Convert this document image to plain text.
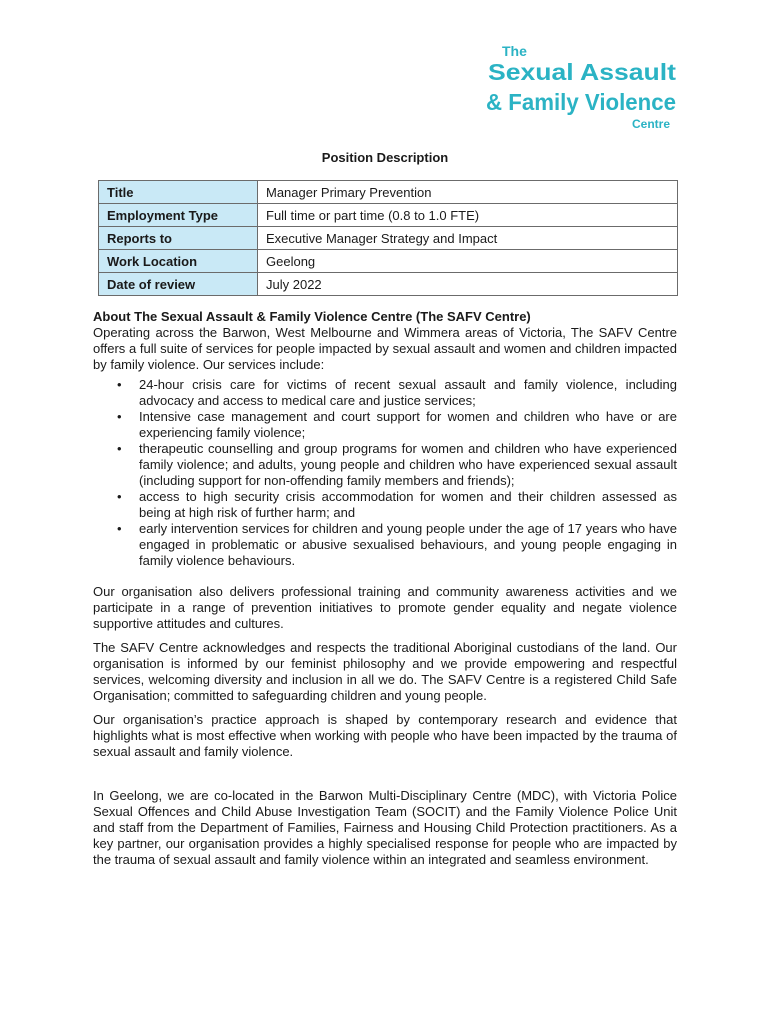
The
Sexual Assault
& Family Violence
Centre
Position Description
Title	Manager Primary Prevention
Employment Type	Full time or part time (0.8 to 1.0 FTE)
Reports to	Executive Manager Strategy and Impact
Work Location	Geelong
Date of review	July 2022
About The Sexual Assault & Family Violence Centre (The SAFV Centre)

Operating across the Barwon, West Melbourne and Wimmera areas of Victoria, The SAFV Centre offers a full suite of services for people impacted by sexual assault and women and children impacted by family violence. Our services include:

• 24-hour crisis care for victims of recent sexual assault and family violence, including advocacy and access to medical care and justice services;
• Intensive case management and court support for women and children who have or are experiencing family violence;
• therapeutic counselling and group programs for women and children who have experienced family violence; and adults, young people and children who have experienced sexual assault (including support for non-offending family members and friends);
• access to high security crisis accommodation for women and their children assessed as being at high risk of further harm; and
• early intervention services for children and young people under the age of 17 years who have engaged in problematic or abusive sexualised behaviours, and young people engaging in family violence behaviours.

Our organisation also delivers professional training and community awareness activities and we participate in a range of prevention initiatives to promote gender equality and negate violence supportive attitudes and cultures.

The SAFV Centre acknowledges and respects the traditional Aboriginal custodians of the land. Our organisation is informed by our feminist philosophy and we provide empowering and respectful services, welcoming diversity and inclusion in all we do. The SAFV Centre is a registered Child Safe Organisation; committed to safeguarding children and young people.

Our organisation’s practice approach is shaped by contemporary research and evidence that highlights what is most effective when working with people who have been impacted by the trauma of sexual assault and family violence.

In Geelong, we are co-located in the Barwon Multi-Disciplinary Centre (MDC), with Victoria Police Sexual Offences and Child Abuse Investigation Team (SOCIT) and the Family Violence Police Unit and staff from the Department of Families, Fairness and Housing Child Protection practitioners. As a key partner, our organisation provides a highly specialised response for people who are impacted by the trauma of sexual assault and family violence within an integrated and seamless environment.
